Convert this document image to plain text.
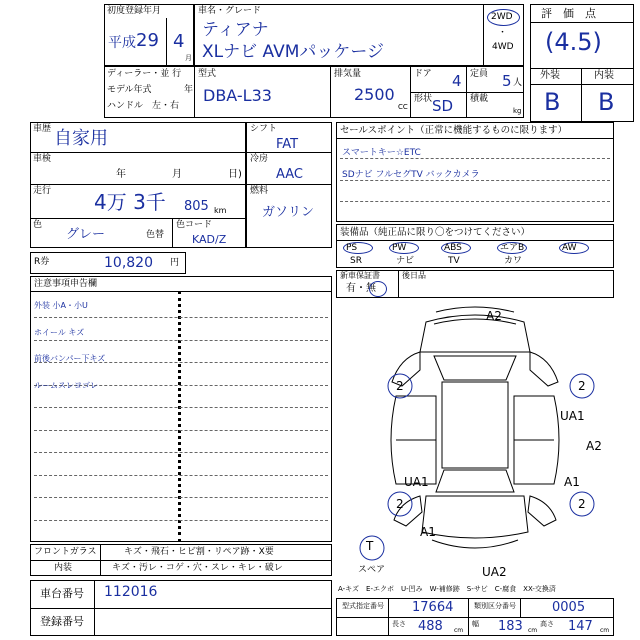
初度登録年月
平成 29 4
月
車名・グレード
ティアナ
XLナビ AVMパッケージ
2WD
・
4WD
評　価　点
(4.5)
外装	内装
B B
ディーラー・並 行
モデル年式	年
ハンドル　左・右
型式
DBA-L33
排気量
2500
CC
ドア 4 定員 5 人
形状 SD 積載
kg
車歴 自家用
車検
年	月	日)
走行 4万 3千 805 km
色
グレー	色替
色コード
KAD/Z
シフト
FAT
冷房
AAC
燃料
ガソリン
R券	10,820 円
セールスポイント（正常に機能するものに限ります）
スマートキー☆ETC
SDナビ フルセグTV バックカメラ
装備品（純正品に限り〇をつけてください）
PS	PW	ABS	エアB	AW
SR	ナビ	TV	カワ
新車保証書
有・無
後日品
注意事項申告欄
外装 小A・小U
ホイール キズ
前後バンパー下キズ
ルームスレヨゴレ
フロントガラス	キズ・飛石・ヒビ割・リペア跡・X要
内装	キズ・汚レ・コゲ・穴・スレ・キレ・破レ
車台番号 112016
登録番号
A2
2	2
UA1
A2
UA1	A1
2	2
A1
UA2
T
スペア
A-キズ　E-エクボ　U-凹み　W-補修跡　S-サビ　C-腐食　XX-交換済
型式指定番号 17664	類別区分番号	0005
長さ 488 cm
幅 183 cm
高さ 147 cm
